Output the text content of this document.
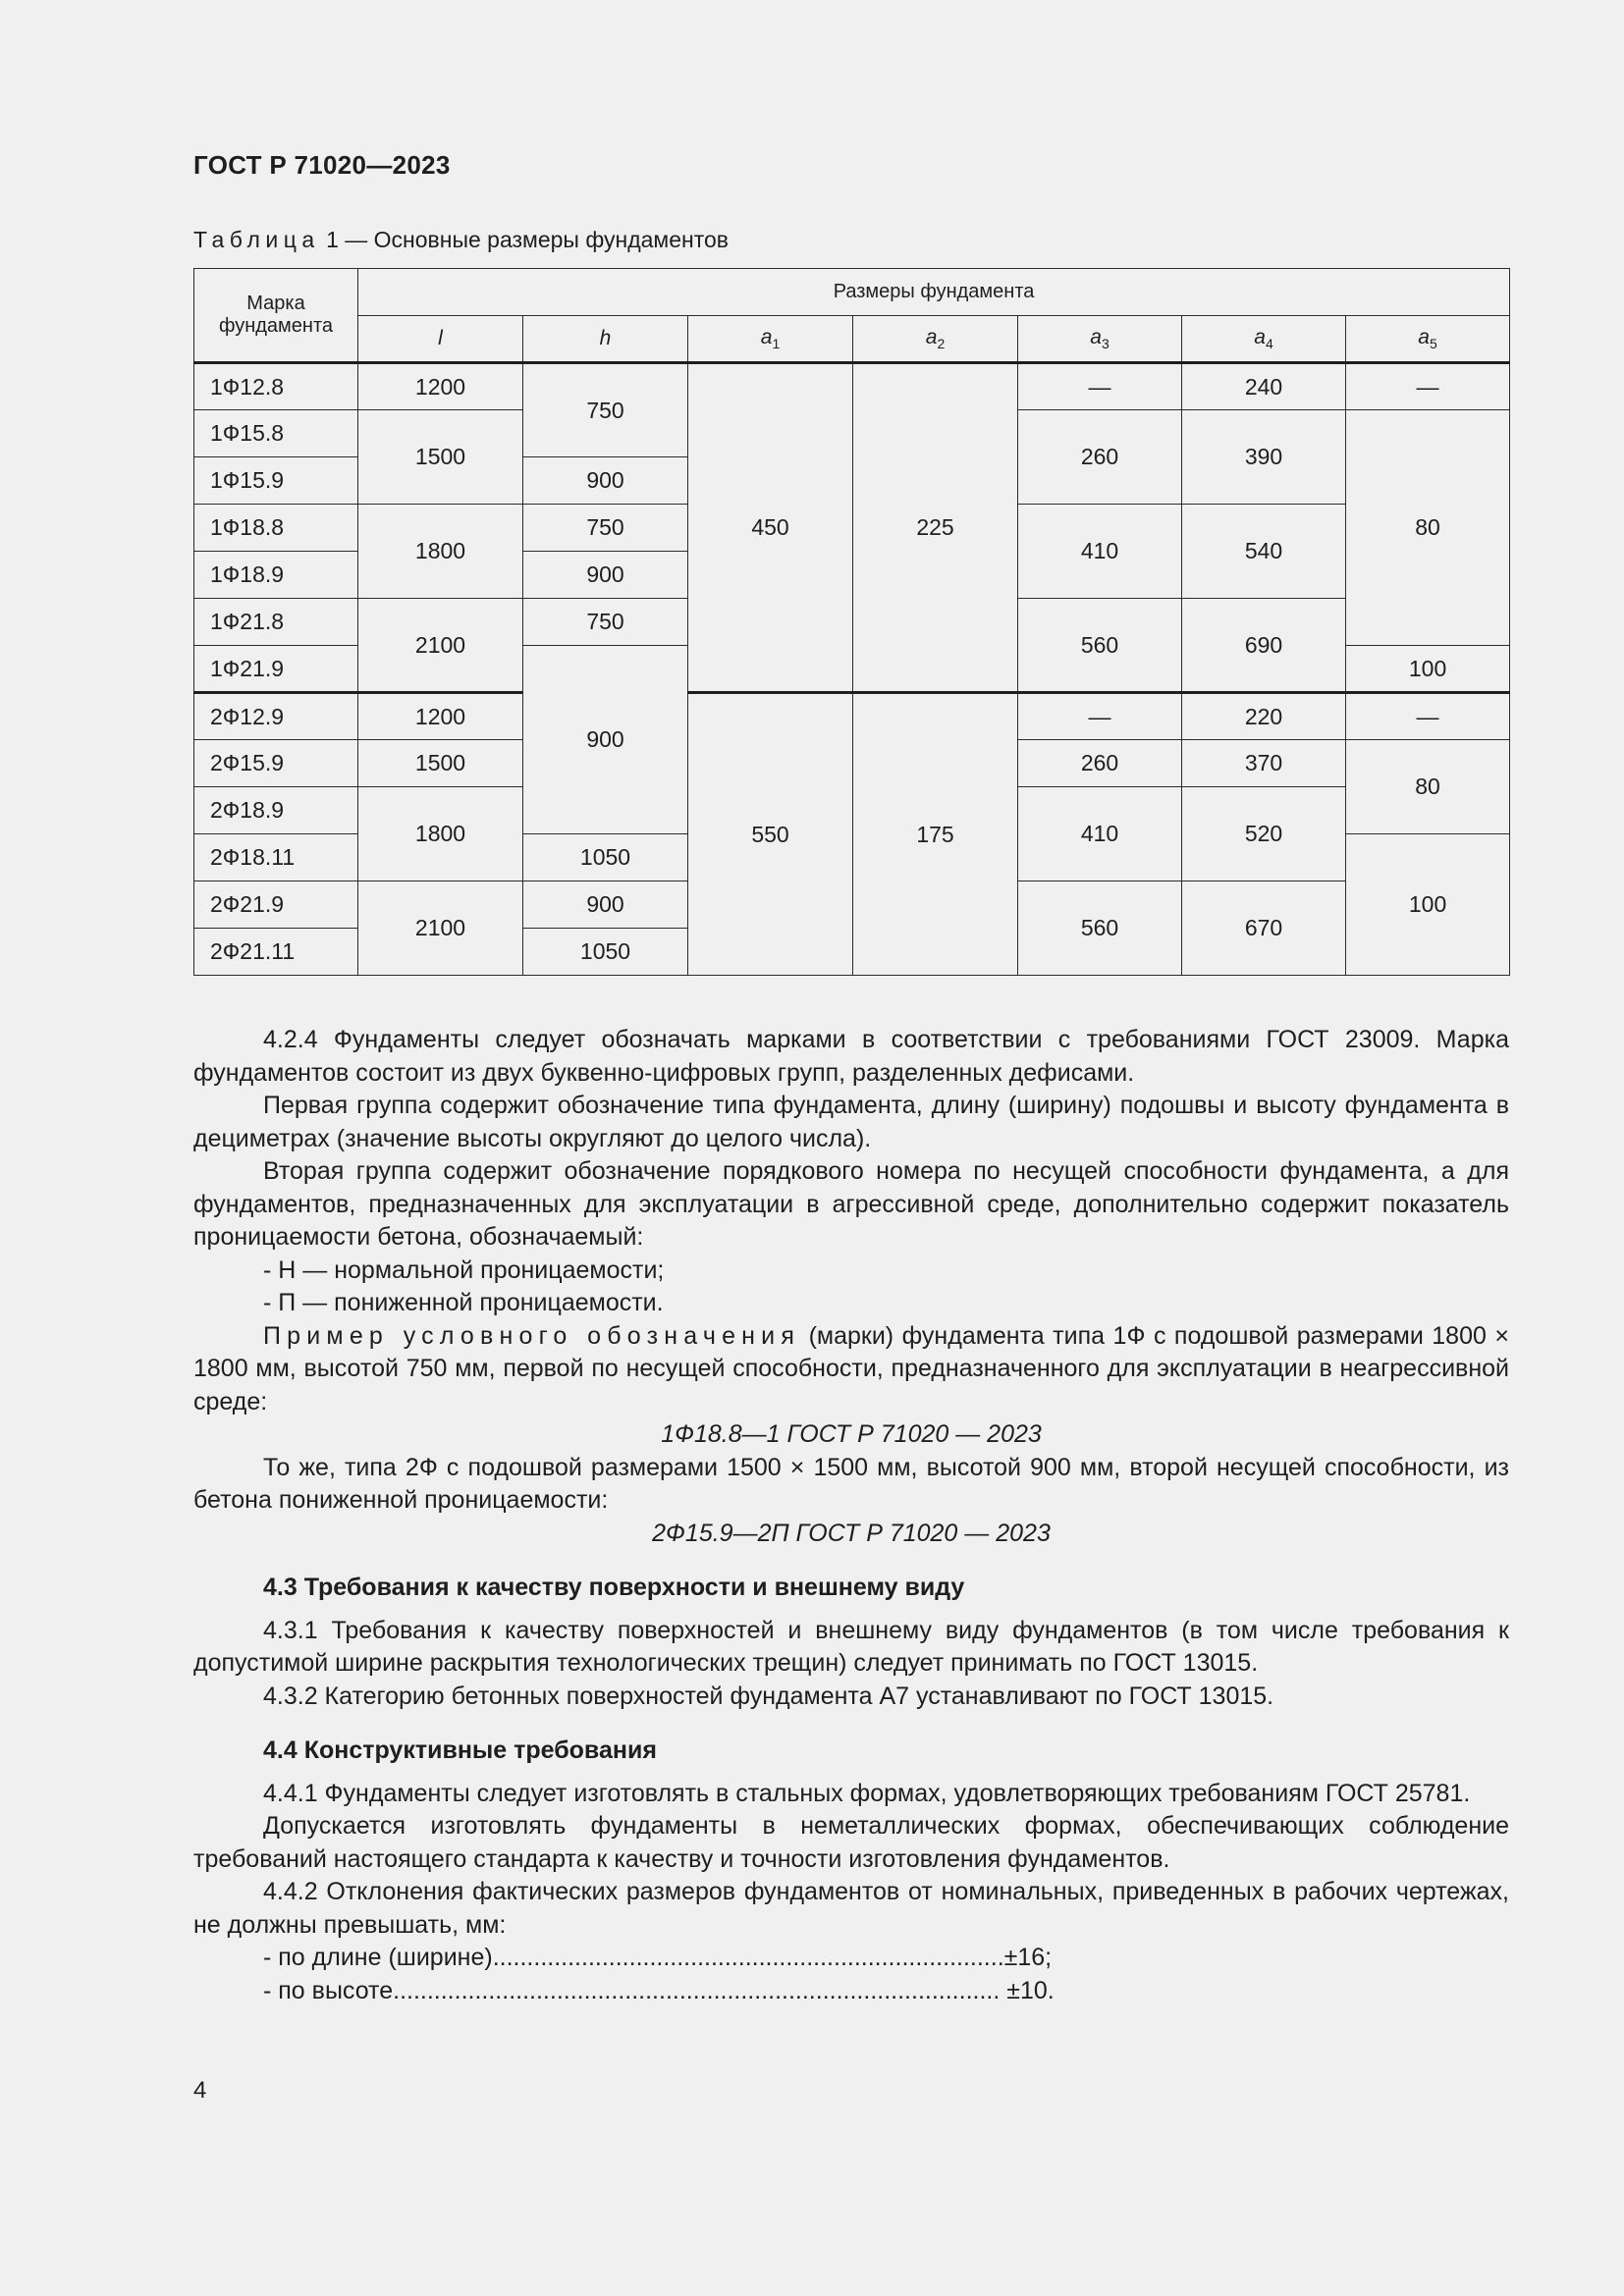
ГОСТ Р 71020—2023
Таблица 1 — Основные размеры фундаментов
Марка фундамента	Размеры фундамента						
	l	h	$a_1$	$a_2$	$a_3$	$a_4$	$a_5$
1Ф12.8	1200	750	450	225	—	240	—
1Ф15.8	1500				260	390	80
1Ф15.9		900					
1Ф18.8	1800	750			410	540	
1Ф18.9		900					
1Ф21.8	2100	750			560	690	
1Ф21.9		900					100
2Ф12.9	1200		550	175	—	220	—
2Ф15.9	1500				260	370	80
2Ф18.9	1800				410	520	
2Ф18.11		1050					100
2Ф21.9	2100	900			560	670	
2Ф21.11		1050					

4.2.4 Фундаменты следует обозначать марками в соответствии с требованиями ГОСТ 23009. Марка фундаментов состоит из двух буквенно-цифровых групп, разделенных дефисами.

Первая группа содержит обозначение типа фундамента, длину (ширину) подошвы и высоту фундамента в дециметрах (значение высоты округляют до целого числа).

Вторая группа содержит обозначение порядкового номера по несущей способности фундамента, а для фундаментов, предназначенных для эксплуатации в агрессивной среде, дополнительно содержит показатель проницаемости бетона, обозначаемый:

- Н — нормальной проницаемости;

- П — пониженной проницаемости.

Пример условного обозначения (марки) фундамента типа 1Ф с подошвой размерами 1800 × 1800 мм, высотой 750 мм, первой по несущей способности, предназначенного для эксплуатации в неагрессивной среде:

1Ф18.8—1 ГОСТ Р 71020 — 2023

То же, типа 2Ф с подошвой размерами 1500 × 1500 мм, высотой 900 мм, второй несущей способности, из бетона пониженной проницаемости:

2Ф15.9—2П ГОСТ Р 71020 — 2023

4.3 Требования к качеству поверхности и внешнему виду

4.3.1 Требования к качеству поверхностей и внешнему виду фундаментов (в том числе требования к допустимой ширине раскрытия технологических трещин) следует принимать по ГОСТ 13015.

4.3.2 Категорию бетонных поверхностей фундамента А7 устанавливают по ГОСТ 13015.

4.4 Конструктивные требования

4.4.1 Фундаменты следует изготовлять в стальных формах, удовлетворяющих требованиям ГОСТ 25781.

Допускается изготовлять фундаменты в неметаллических формах, обеспечивающих соблюдение требований настоящего стандарта к качеству и точности изготовления фундаментов.

4.4.2 Отклонения фактических размеров фундаментов от номинальных, приведенных в рабочих чертежах, не должны превышать, мм:

- по длине (ширине)...........................................................................±16;

- по высоте......................................................................................... ±10.

4
